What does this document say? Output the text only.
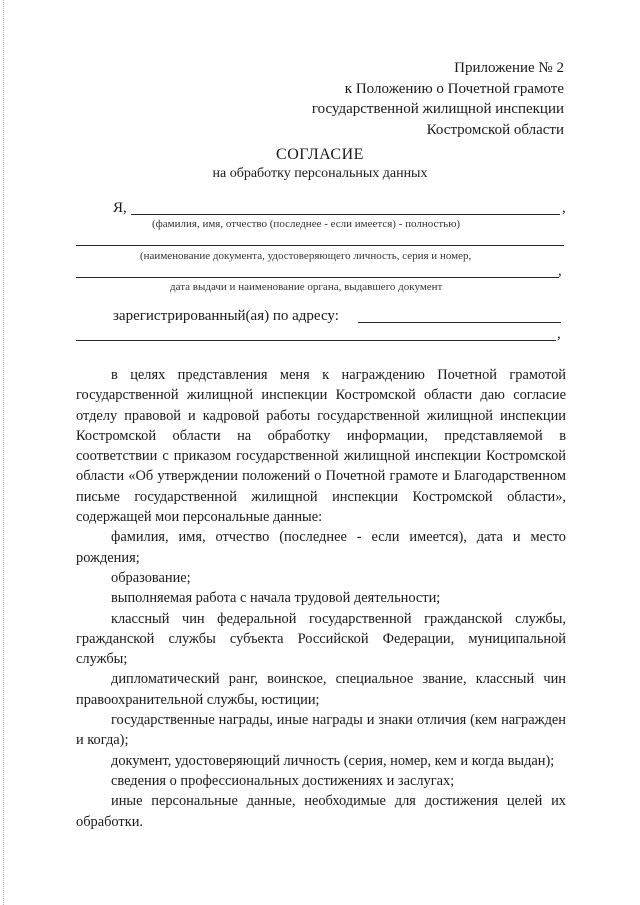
Приложение № 2
к Положению о Почетной грамоте
государственной жилищной инспекции
Костромской области
СОГЛАСИЕ
на обработку персональных данных
Я,	,
(фамилия, имя, отчество (последнее - если имеется) - полностью)
(наименование документа, удостоверяющего личность, серия и номер,
,
дата выдачи и наименование органа, выдавшего документ
зарегистрированный(ая) по адресу:
,

в целях представления меня к награждению Почетной грамотой государственной жилищной инспекции Костромской области даю согласие отделу правовой и кадровой работы государственной жилищной инспекции Костромской области на обработку информации, представляемой в соответствии с приказом государственной жилищной инспекции Костромской области «Об утверждении положений о Почетной грамоте и Благодарственном письме государственной жилищной инспекции Костромской области», содержащей мои персональные данные:

фамилия, имя, отчество (последнее - если имеется), дата и место рождения;

образование;

выполняемая работа с начала трудовой деятельности;

классный чин федеральной государственной гражданской службы, гражданской службы субъекта Российской Федерации, муниципальной службы;

дипломатический ранг, воинское, специальное звание, классный чин правоохранительной службы, юстиции;

государственные награды, иные награды и знаки отличия (кем награжден и когда);

документ, удостоверяющий личность (серия, номер, кем и когда выдан);

сведения о профессиональных достижениях и заслугах;

иные персональные данные, необходимые для достижения целей их обработки.
